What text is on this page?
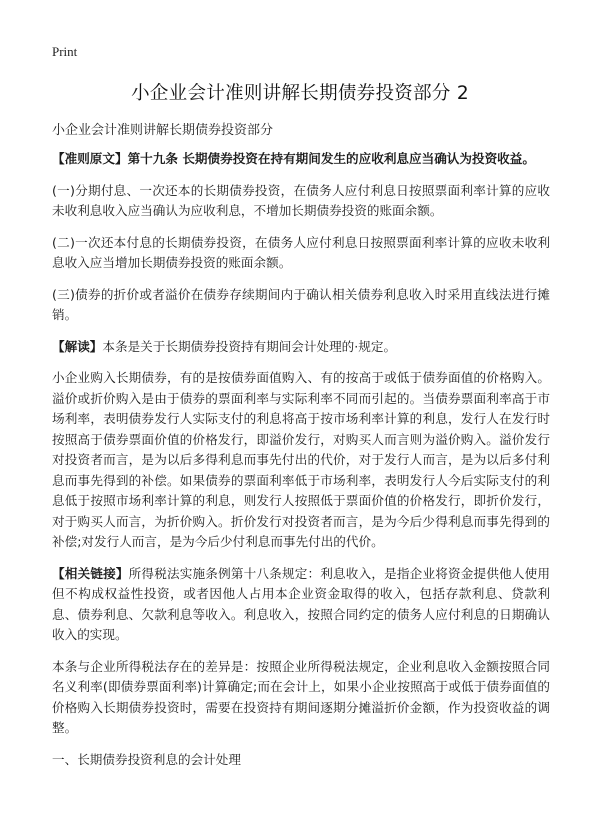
Print
小企业会计准则讲解长期债券投资部分 2
小企业会计准则讲解长期债券投资部分

【准则原文】第十九条 长期债券投资在持有期间发生的应收利息应当确认为投资收益。

(一)分期付息、一次还本的长期债券投资，在债务人应付利息日按照票面利率计算的应收未收利息收入应当确认为应收利息，不增加长期债券投资的账面余额。

(二)一次还本付息的长期债券投资，在债务人应付利息日按照票面利率计算的应收未收利息收入应当增加长期债券投资的账面余额。

(三)债券的折价或者溢价在债券存续期间内于确认相关债券利息收入时采用直线法进行摊销。

【解读】本条是关于长期债券投资持有期间会计处理的·规定。

小企业购入长期债券，有的是按债券面值购入、有的按高于或低于债券面值的价格购入。溢价或折价购入是由于债券的票面利率与实际利率不同而引起的。当债券票面利率高于市场利率，表明债券发行人实际支付的利息将高于按市场利率计算的利息，发行人在发行时按照高于债券票面价值的价格发行，即溢价发行，对购买人而言则为溢价购入。溢价发行对投资者而言，是为以后多得利息而事先付出的代价，对于发行人而言，是为以后多付利息而事先得到的补偿。如果债券的票面利率低于市场利率，表明发行人今后实际支付的利息低于按照市场利率计算的利息，则发行人按照低于票面价值的价格发行，即折价发行，对于购买人而言，为折价购入。折价发行对投资者而言，是为今后少得利息而事先得到的补偿;对发行人而言，是为今后少付利息而事先付出的代价。

【相关链接】所得税法实施条例第十八条规定：利息收入，是指企业将资金提供他人使用但不构成权益性投资，或者因他人占用本企业资金取得的收入，包括存款利息、贷款利息、债券利息、欠款利息等收入。利息收入，按照合同约定的债务人应付利息的日期确认收入的实现。

本条与企业所得税法存在的差异是：按照企业所得税法规定，企业利息收入金额按照合同名义利率(即债券票面利率)计算确定;而在会计上，如果小企业按照高于或低于债券面值的价格购入长期债券投资时，需要在投资持有期间逐期分摊溢折价金额，作为投资收益的调整。

一、长期债券投资利息的会计处理
